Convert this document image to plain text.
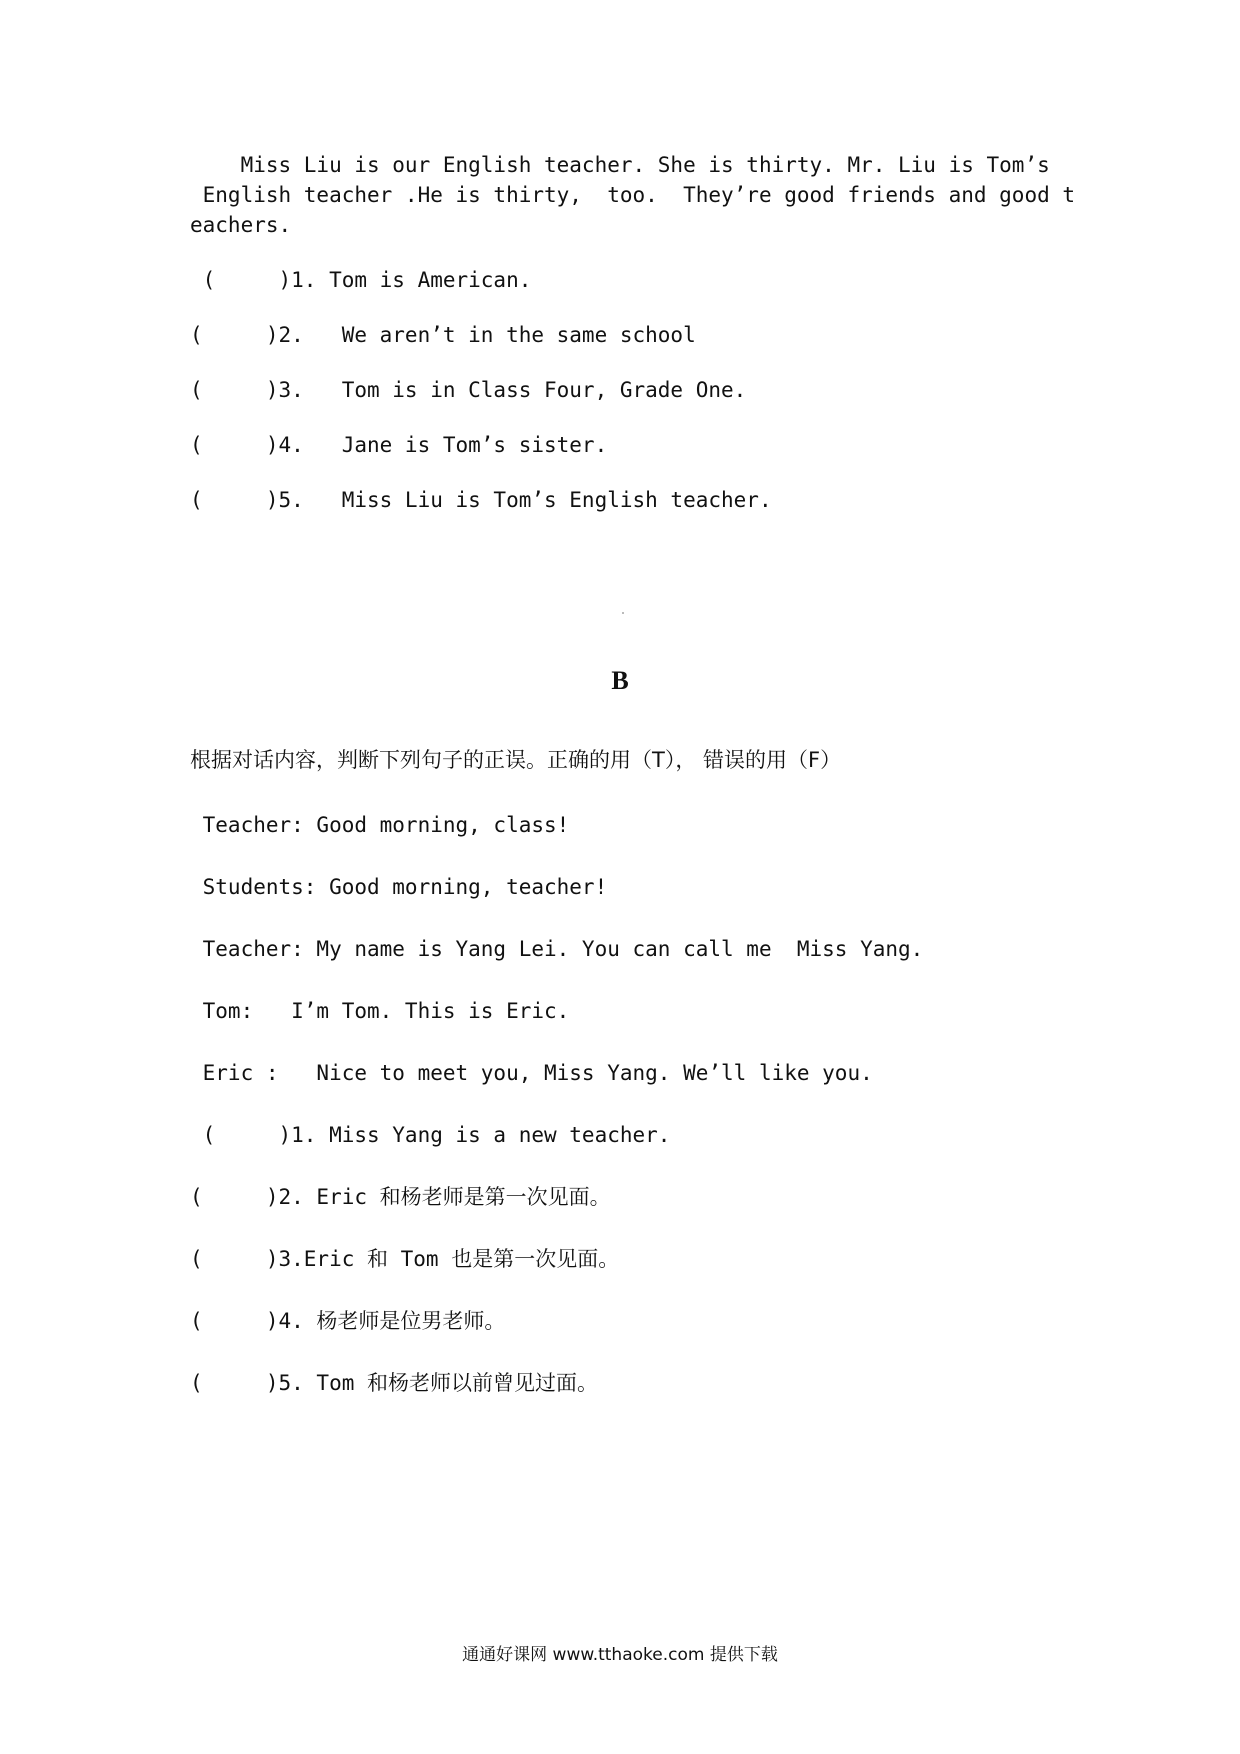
Miss Liu is our English teacher. She is thirty. Mr. Liu is Tom’s
English teacher .He is thirty,  too.  They’re good friends and good t
eachers.
(     )1. Tom is American.
(     )2.   We aren’t in the same school
(     )3.   Tom is in Class Four, Grade One.
(     )4.   Jane is Tom’s sister.
(     )5.   Miss Liu is Tom’s English teacher.
B
根据对话内容，判断下列句子的正误。正确的用（T）， 错误的用（F）
Teacher: Good morning, class!
Students: Good morning, teacher!
Teacher: My name is Yang Lei. You can call me  Miss Yang.
Tom:   I’m Tom. This is Eric.
Eric :   Nice to meet you, Miss Yang. We’ll like you.
(     )1. Miss Yang is a new teacher.
(     )2. Eric 和杨老师是第一次见面。
(     )3.Eric 和 Tom 也是第一次见面。
(     )4. 杨老师是位男老师。
(     )5. Tom 和杨老师以前曾见过面。
通通好课网 www.tthaoke.com 提供下载
